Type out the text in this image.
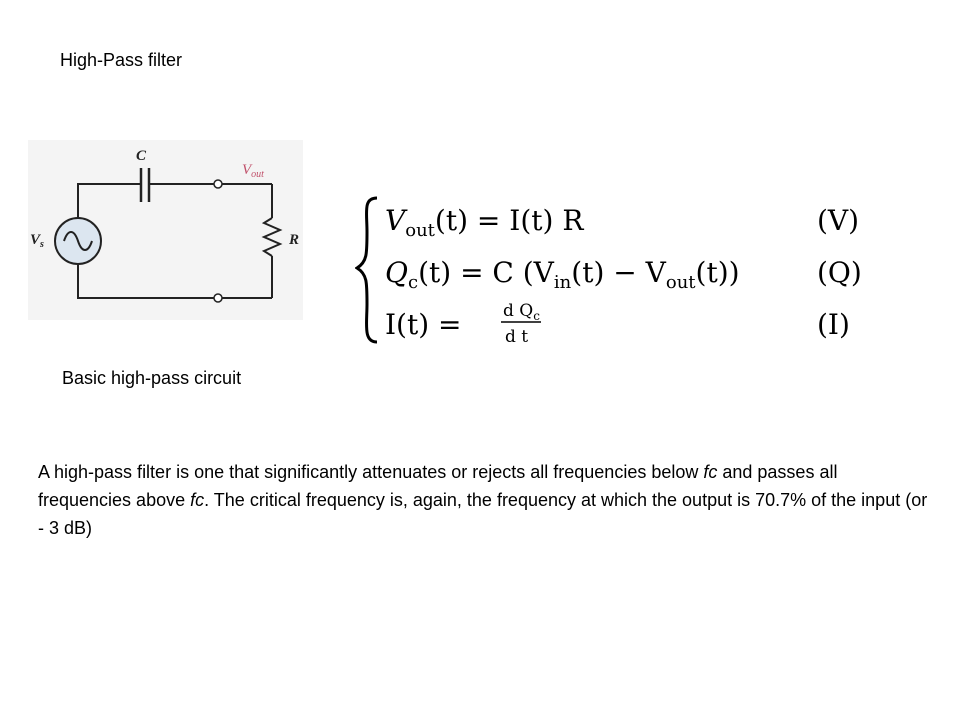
High-Pass filter
C
$V_{out}$
$V_s$	R
$V_{out}(t) = I(t)$ R	(V)
$Q_c(t) = C$ $(V_{in}(t) - V_{out}(t))$	(Q)
I(t) = d $Q_c$
d t	(I)
Basic high-pass circuit
A high-pass filter is one that significantly attenuates or rejects all frequencies below fc and passes all frequencies above fc. The critical frequency is, again, the frequency at which the output is 70.7% of the input (or - 3 dB)
